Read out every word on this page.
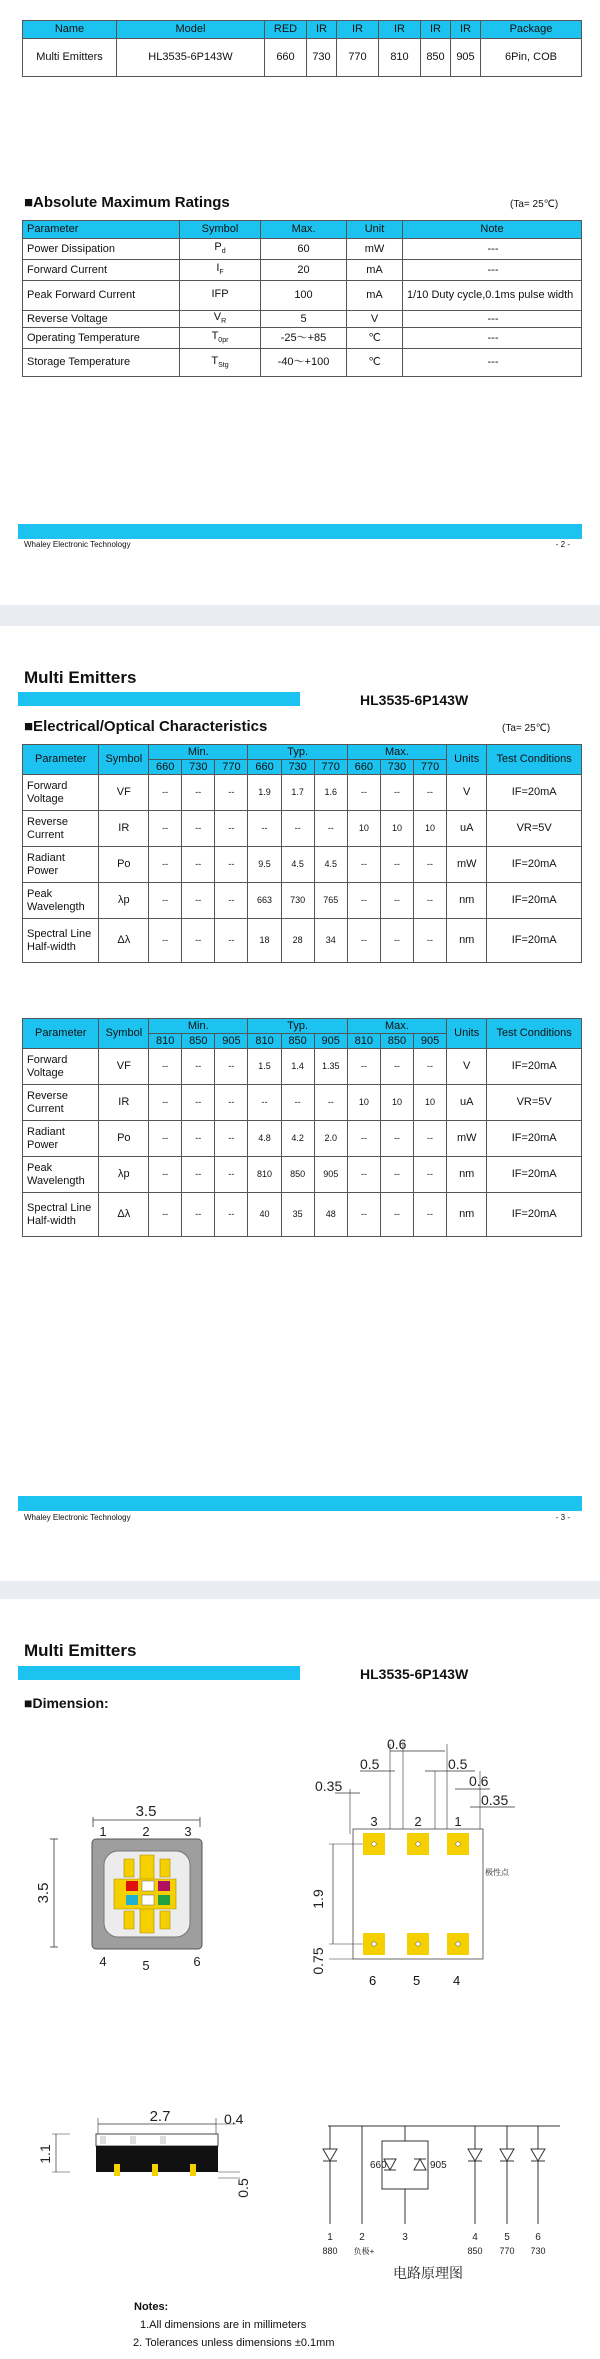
Name	Model	RED	IR	IR	IR	IR	IR	Package
Multi Emitters	HL3535-6P143W	660	730	770	810	850	905	6Pin, COB
■Absolute Maximum Ratings	(Ta= 25℃)
Parameter	Symbol	Max.	Unit	Note
Power Dissipation	$P_d$	60	mW	---
Forward Current	$I_F$	20	mA	---
Peak Forward Current	IFP	100	mA	1/10 Duty cycle,0.1ms pulse width
Reverse Voltage	$V_R$	5	V	---
Operating Temperature	$T_{0pr}$	-25～+85	℃	---
Storage Temperature	$T_{Stg}$	-40～+100	℃	---
Whaley Electronic Technology	- 2 -
Multi Emitters
HL3535-6P143W
■Electrical/Optical Characteristics	(Ta= 25℃)
Parameter	Symbol	Min.			Typ.			Max.			Units	Test Conditions
		660	730	770	660	730	770	660	730	770		
Forward Voltage	VF	--	--	--	1.9	1.7	1.6	--	--	--	V	IF=20mA
Reverse Current	IR	--	--	--	--	--	--	10	10	10	uA	VR=5V
Radiant Power	Po	--	--	--	9.5	4.5	4.5	--	--	--	mW	IF=20mA
Peak Wavelength	λp	--	--	--	663	730	765	--	--	--	nm	IF=20mA
Spectral Line Half-width	Δλ	--	--	--	18	28	34	--	--	--	nm	IF=20mA
Parameter	Symbol	Min.			Typ.			Max.			Units	Test Conditions
		810	850	905	810	850	905	810	850	905		
Forward Voltage	VF	--	--	--	1.5	1.4	1.35	--	--	--	V	IF=20mA
Reverse Current	IR	--	--	--	--	--	--	10	10	10	uA	VR=5V
Radiant Power	Po	--	--	--	4.8	4.2	2.0	--	--	--	mW	IF=20mA
Peak Wavelength	λp	--	--	--	810	850	905	--	--	--	nm	IF=20mA
Spectral Line Half-width	Δλ	--	--	--	40	35	48	--	--	--	nm	IF=20mA
Whaley Electronic Technology	- 3 -
Multi Emitters
HL3535-6P143W
■Dimension:
3.5
1	2	3
3.5
4	5	6
0.6
0.5	0.5
0.6
0.35
0.35
3	2	1
极性点
1.9
0.75
6	5	4
2.7	0.4
1.1
0.5
660	905
1	2	3	4	5	6
880 负极+	850 770 730
电路原理图
Notes:
1.All dimensions are in millimeters
2. Tolerances unless dimensions ±0.1mm
